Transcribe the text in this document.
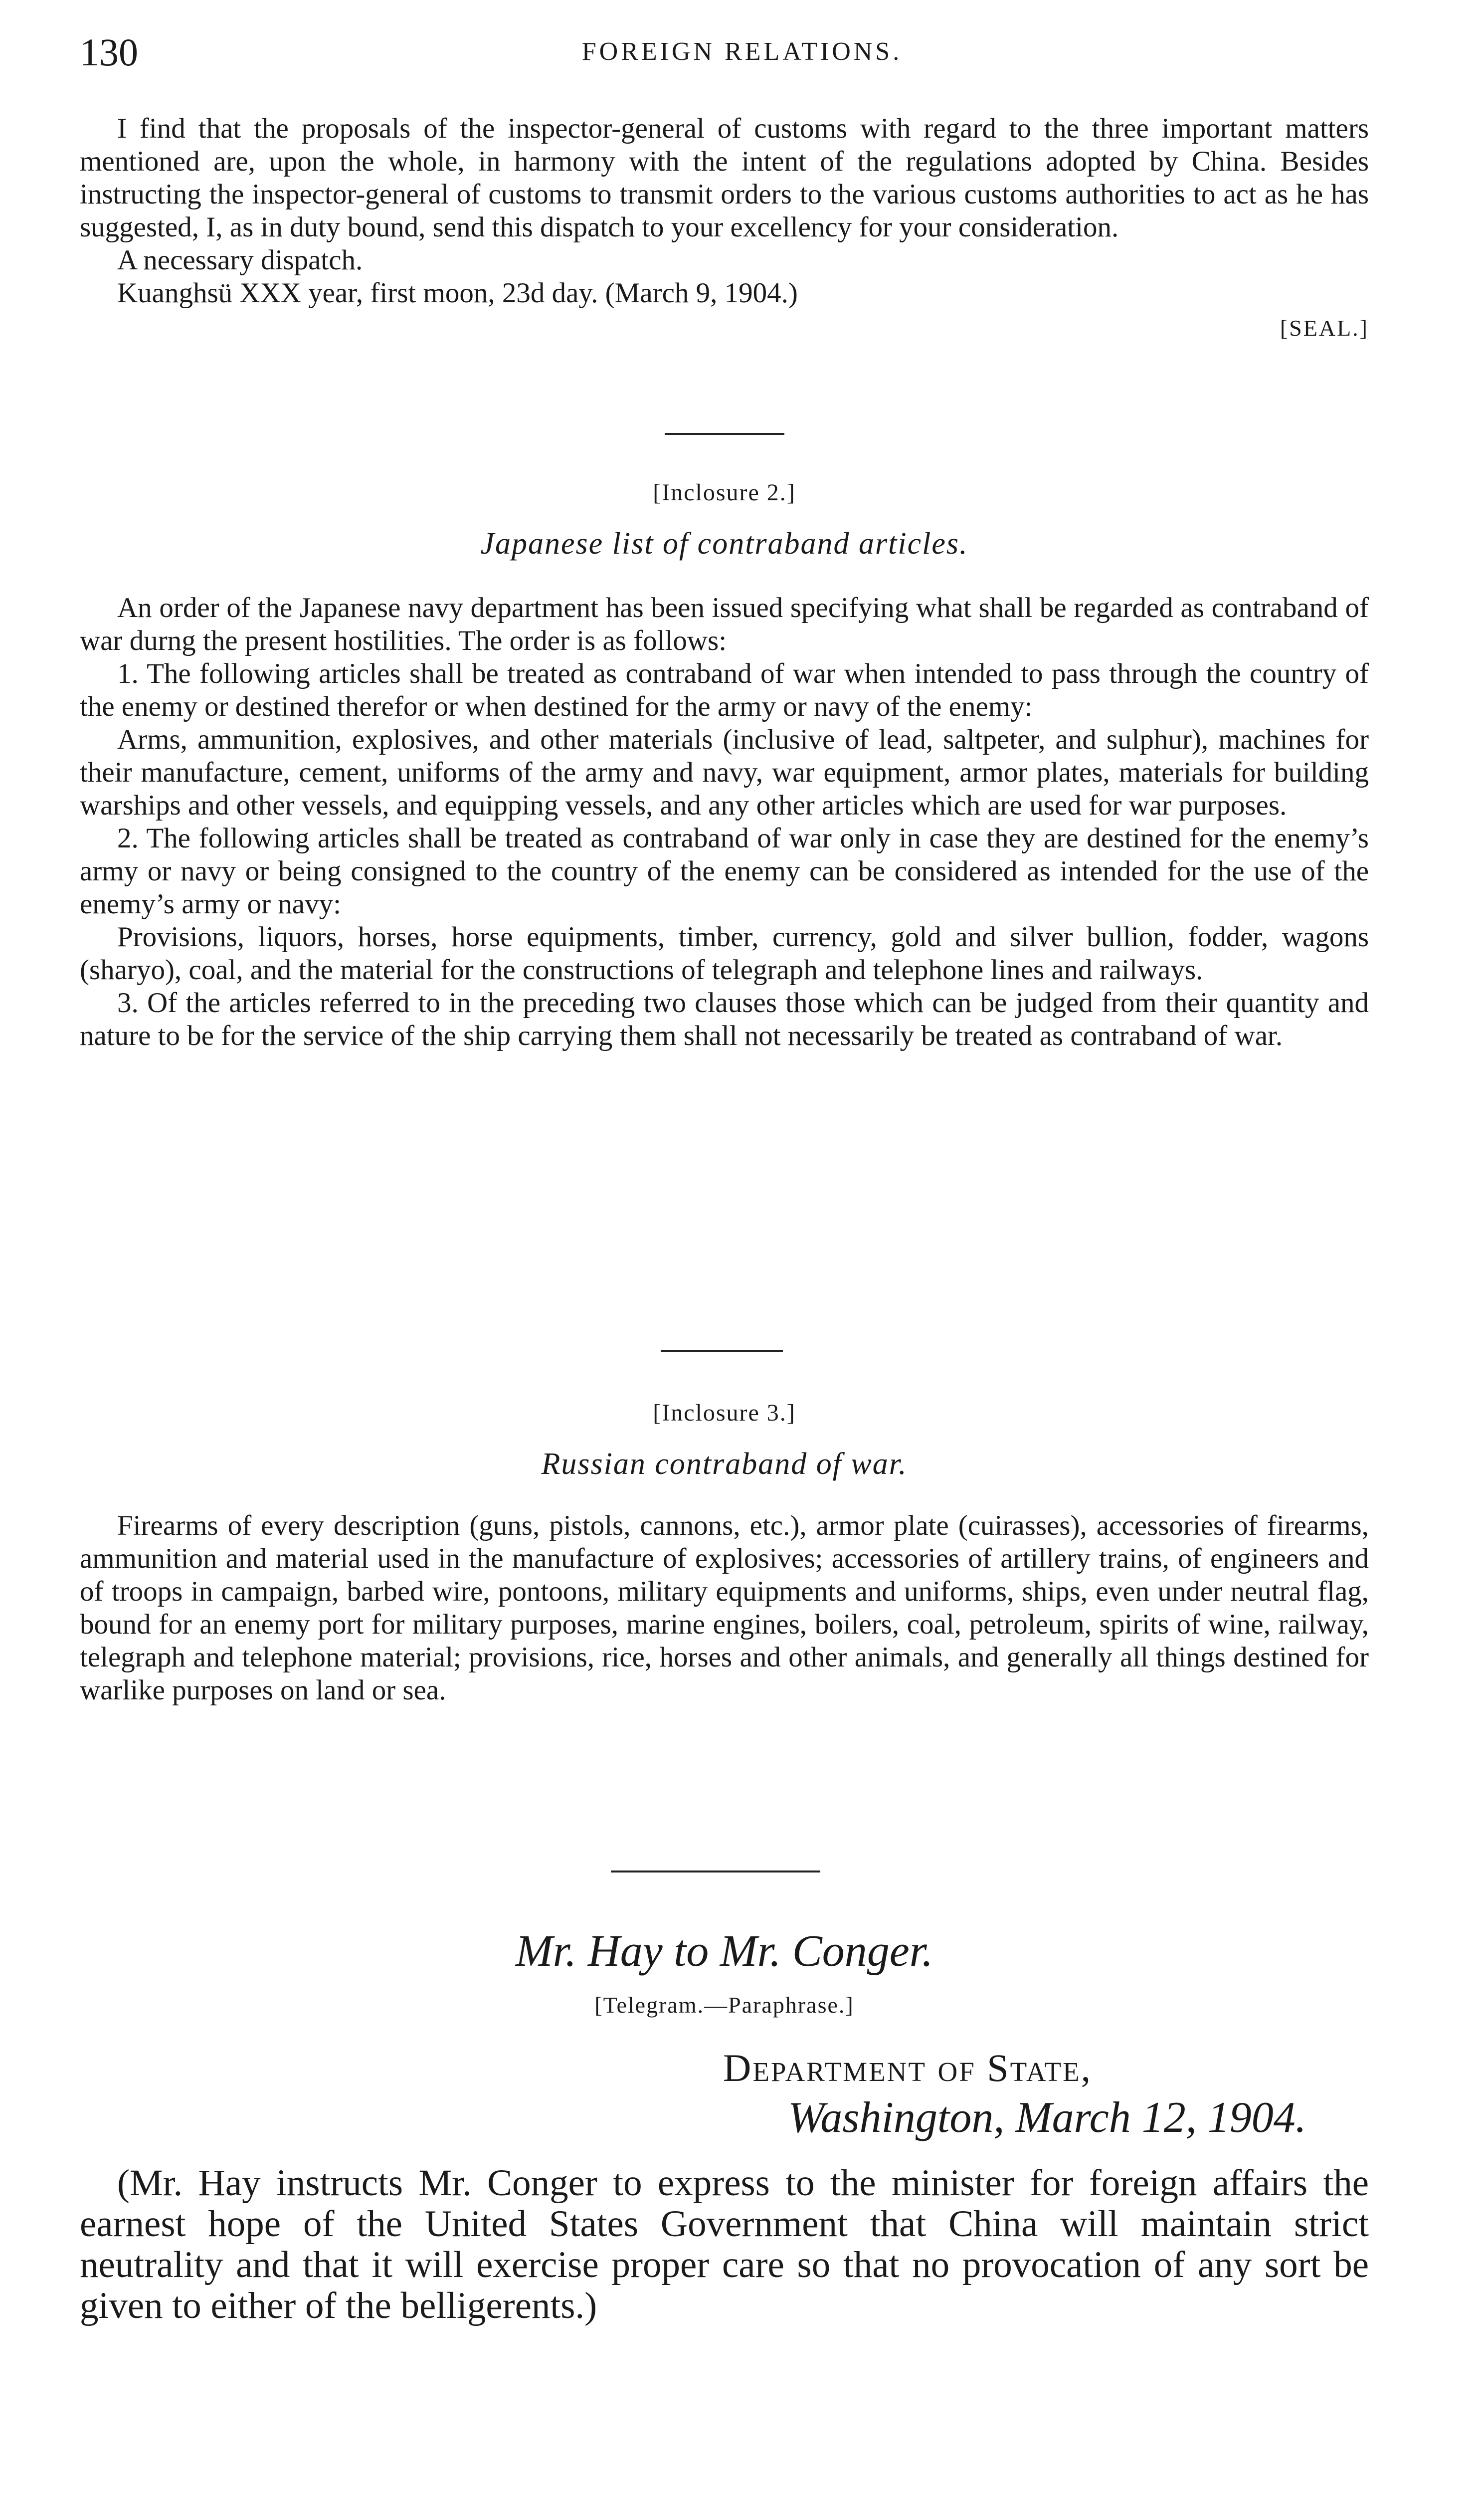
130	FOREIGN RELATIONS.

I find that the proposals of the inspector-general of customs with regard to the three important matters mentioned are, upon the whole, in harmony with the intent of the regulations adopted by China. Besides instructing the inspector-general of customs to transmit orders to the various customs authorities to act as he has suggested, I, as in duty bound, send this dispatch to your excellency for your consideration.

A necessary dispatch.

Kuanghsü XXX year, first moon, 23d day. (March 9, 1904.)

[SEAL.]
[Inclosure 2.]
Japanese list of contraband articles.

An order of the Japanese navy department has been issued specifying what shall be regarded as contraband of war durng the present hostilities. The order is as follows:

1. The following articles shall be treated as contraband of war when intended to pass through the country of the enemy or destined therefor or when destined for the army or navy of the enemy:

Arms, ammunition, explosives, and other materials (inclusive of lead, saltpeter, and sulphur), machines for their manufacture, cement, uniforms of the army and navy, war equipment, armor plates, materials for building warships and other vessels, and equipping vessels, and any other articles which are used for war purposes.

2. The following articles shall be treated as contraband of war only in case they are destined for the enemy’s army or navy or being consigned to the country of the enemy can be considered as intended for the use of the enemy’s army or navy:

Provisions, liquors, horses, horse equipments, timber, currency, gold and silver bullion, fodder, wagons (sharyo), coal, and the material for the constructions of telegraph and telephone lines and railways.

3. Of the articles referred to in the preceding two clauses those which can be judged from their quantity and nature to be for the service of the ship carrying them shall not necessarily be treated as contraband of war.

[Inclosure 3.]
Russian contraband of war.

Firearms of every description (guns, pistols, cannons, etc.), armor plate (cuirasses), accessories of firearms, ammunition and material used in the manufacture of explosives; accessories of artillery trains, of engineers and of troops in campaign, barbed wire, pontoons, military equipments and uniforms, ships, even under neutral flag, bound for an enemy port for military purposes, marine engines, boilers, coal, petroleum, spirits of wine, railway, telegraph and telephone material; provisions, rice, horses and other animals, and generally all things destined for warlike purposes on land or sea.

Mr. Hay to Mr. Conger.
[Telegram.—Paraphrase.]
Department of State,
Washington, March 12, 1904.

(Mr. Hay instructs Mr. Conger to express to the minister for foreign affairs the earnest hope of the United States Government that China will maintain strict neutrality and that it will exercise proper care so that no provocation of any sort be given to either of the belligerents.)
